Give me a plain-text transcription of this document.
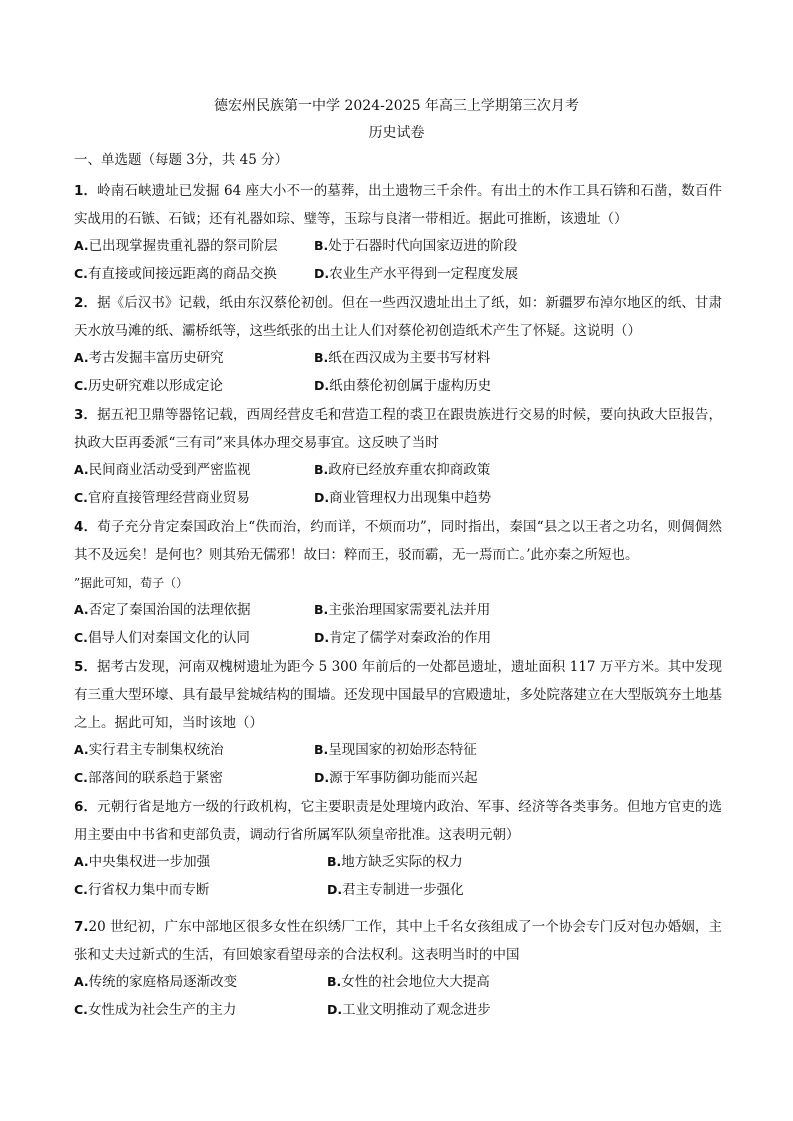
德宏州民族第一中学 2024-2025 年高三上学期第三次月考
历史试卷
一、单选题（每题 3分，共 45 分）
1．岭南石峡遗址已发掘 64 座大小不一的墓葬，出土遗物三千余件。有出土的木作工具石锛和石凿，数百件实战用的石镞、石钺；还有礼器如琮、璧等，玉琮与良渚一带相近。据此可推断，该遗址（）
A.已出现掌握贵重礼器的祭司阶层	B.处于石器时代向国家迈进的阶段
C.有直接或间接远距离的商品交换	D.农业生产水平得到一定程度发展
2．据《后汉书》记载，纸由东汉蔡伦初创。但在一些西汉遗址出土了纸，如：新疆罗布淖尔地区的纸、甘肃天水放马滩的纸、灞桥纸等，这些纸张的出土让人们对蔡伦初创造纸术产生了怀疑。这说明（）
A.考古发掘丰富历史研究	B.纸在西汉成为主要书写材料
C.历史研究难以形成定论	D.纸由蔡伦初创属于虚构历史
3．据五祀卫鼎等器铭记载，西周经营皮毛和营造工程的裘卫在跟贵族进行交易的时候，要向执政大臣报告，执政大臣再委派“三有司”来具体办理交易事宜。这反映了当时
A.民间商业活动受到严密监视	B.政府已经放弃重农抑商政策
C.官府直接管理经营商业贸易	D.商业管理权力出现集中趋势
4．荀子充分肯定秦国政治上“佚而治，约而详，不烦而功”，同时指出，秦国“县之以王者之功名，则倜倜然其不及远矣！是何也？则其殆无儒邪！故曰：粹而王，驳而霸，无一焉而亡。’此亦秦之所短也。
”据此可知，荀子（）
A.否定了秦国治国的法理依据	B.主张治理国家需要礼法并用
C.倡导人们对秦国文化的认同	D.肯定了儒学对秦政治的作用
5．据考古发现，河南双槐树遗址为距今 5 300 年前后的一处都邑遗址，遗址面积 117 万平方米。其中发现有三重大型环壕、具有最早瓮城结构的围墙。还发现中国最早的宫殿遗址，多处院落建立在大型版筑夯土地基之上。据此可知，当时该地（）
A.实行君主专制集权统治	B.呈现国家的初始形态特征
C.部落间的联系趋于紧密	D.源于军事防御功能而兴起
6．元朝行省是地方一级的行政机构，它主要职责是处理境内政治、军事、经济等各类事务。但地方官吏的选用主要由中书省和吏部负责，调动行省所属军队须皇帝批准。这表明元朝）
A.中央集权进一步加强	B.地方缺乏实际的权力
C.行省权力集中而专断	D.君主专制进一步强化
7.20 世纪初，广东中部地区很多女性在织绣厂工作，其中上千名女孩组成了一个协会专门反对包办婚姻，主张和丈夫过新式的生活，有回娘家看望母亲的合法权利。这表明当时的中国
A.传统的家庭格局逐渐改变	B.女性的社会地位大大提高
C.女性成为社会生产的主力	D.工业文明推动了观念进步
